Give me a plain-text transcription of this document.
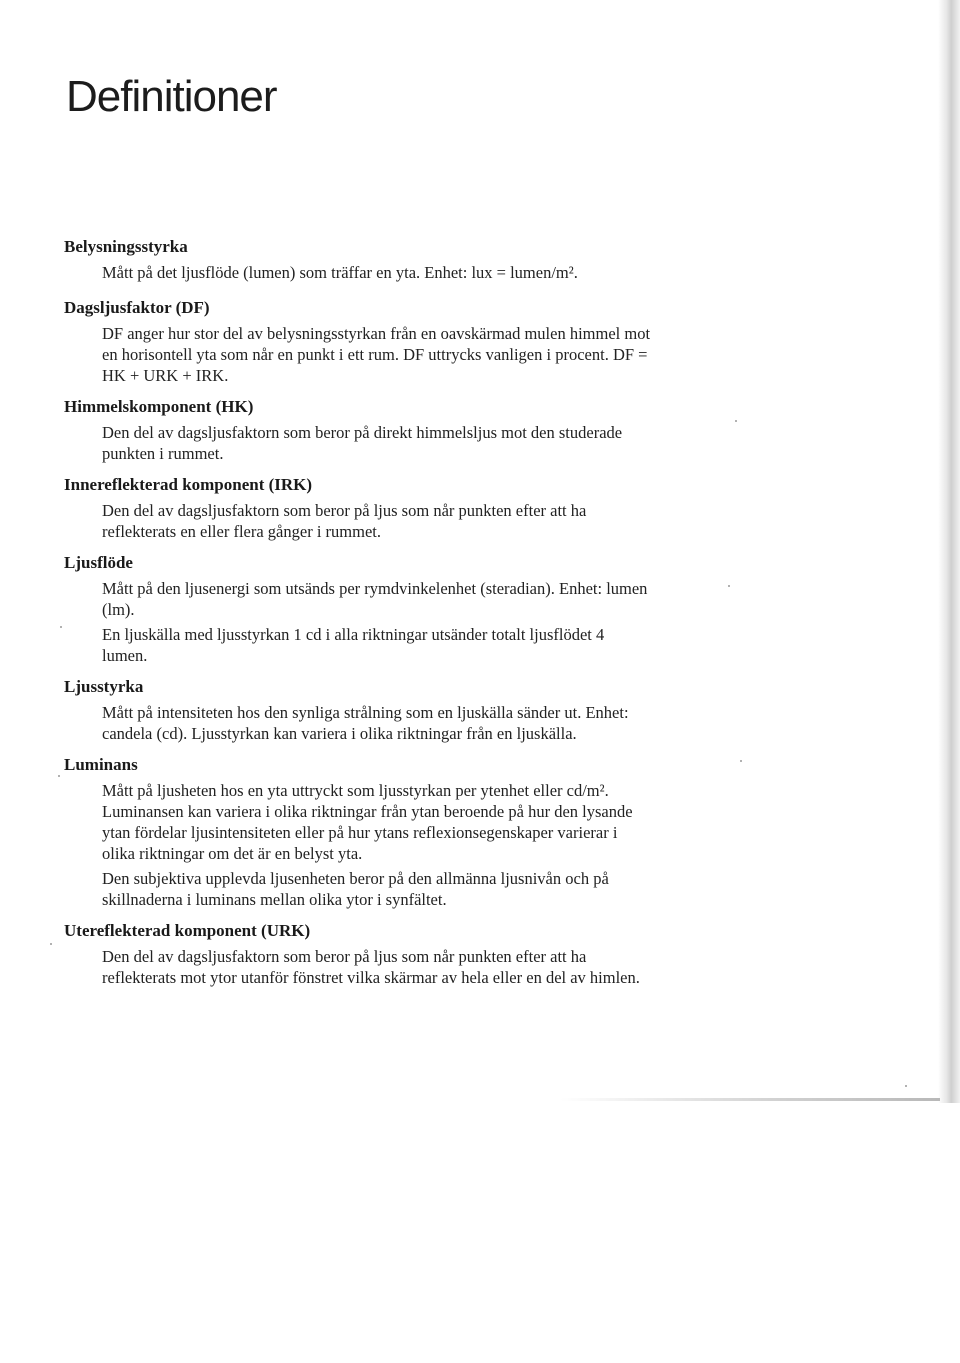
Definitioner
Belysningsstyrka

Mått på det ljusflöde (lumen) som träffar en yta. Enhet: lux = lumen/m².

Dagsljusfaktor (DF)

DF anger hur stor del av belysningsstyrkan från en oavskärmad mulen himmel mot en horisontell yta som når en punkt i ett rum. DF uttrycks vanligen i procent. DF = HK + URK + IRK.

Himmelskomponent (HK)

Den del av dagsljusfaktorn som beror på direkt himmelsljus mot den studerade punkten i rummet.

Innereflekterad komponent (IRK)

Den del av dagsljusfaktorn som beror på ljus som når punkten efter att ha reflekterats en eller flera gånger i rummet.

Ljusflöde

Mått på den ljusenergi som utsänds per rymdvinkelenhet (steradian). Enhet: lumen (lm).

En ljuskälla med ljusstyrkan 1 cd i alla riktningar utsänder totalt ljusflödet 4 lumen.

Ljusstyrka

Mått på intensiteten hos den synliga strålning som en ljuskälla sänder ut. Enhet: candela (cd). Ljusstyrkan kan variera i olika riktningar från en ljuskälla.

Luminans

Mått på ljusheten hos en yta uttryckt som ljusstyrkan per ytenhet eller cd/m². Luminansen kan variera i olika riktningar från ytan beroende på hur den lysande ytan fördelar ljusintensiteten eller på hur ytans reflexionsegenskaper varierar i olika riktningar om det är en belyst yta.

Den subjektiva upplevda ljusenheten beror på den allmänna ljusnivån och på skillnaderna i luminans mellan olika ytor i synfältet.

Utereflekterad komponent (URK)

Den del av dagsljusfaktorn som beror på ljus som når punkten efter att ha reflekterats mot ytor utanför fönstret vilka skärmar av hela eller en del av himlen.
